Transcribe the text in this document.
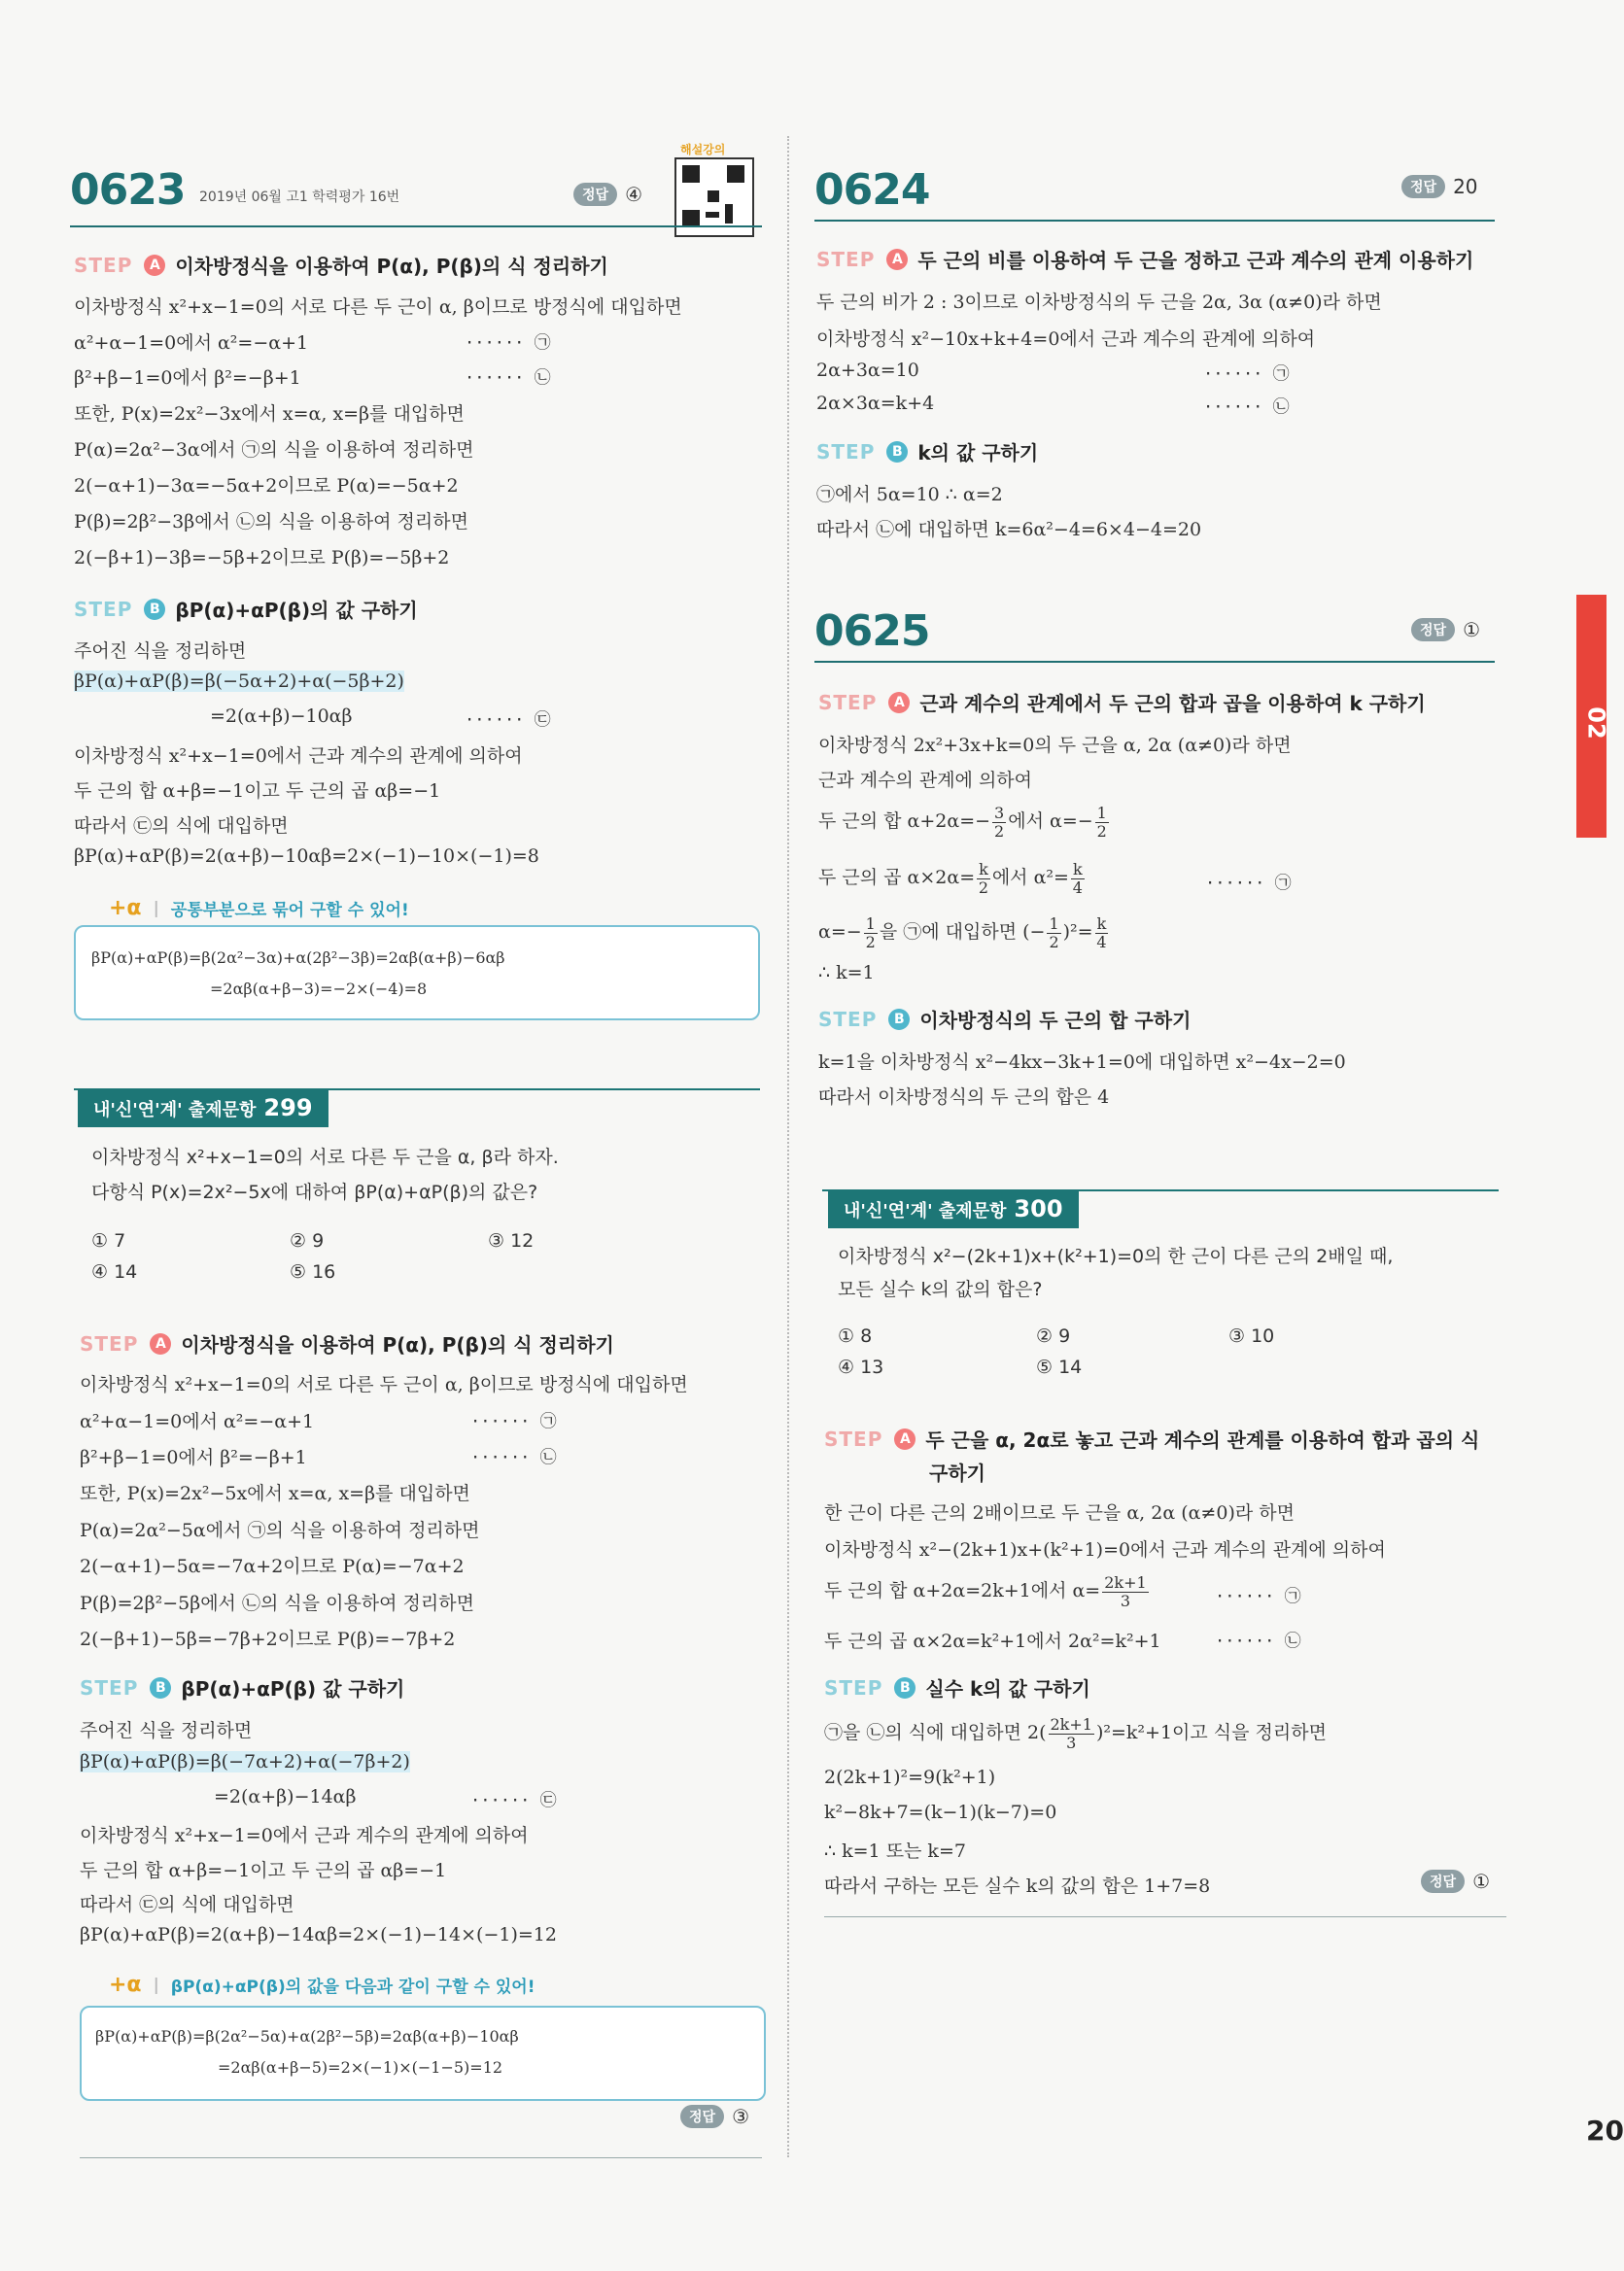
해설강의
0623 2019년 06월 고1 학력평가 16번	정답 ④
STEP	A 이차방정식을 이용하여 P(α), P(β)의 식 정리하기
이차방정식 x²+x−1=0의 서로 다른 두 근이 α, β이므로 방정식에 대입하면
α²+α−1=0에서 α²=−α+1	······ ㉠
β²+β−1=0에서 β²=−β+1	······ ㉡
또한, P(x)=2x²−3x에서 x=α, x=β를 대입하면
P(α)=2α²−3α에서 ㉠의 식을 이용하여 정리하면
2(−α+1)−3α=−5α+2이므로 P(α)=−5α+2
P(β)=2β²−3β에서 ㉡의 식을 이용하여 정리하면
2(−β+1)−3β=−5β+2이므로 P(β)=−5β+2
STEP	B βP(α)+αP(β)의 값 구하기
주어진 식을 정리하면
βP(α)+αP(β)=β(−5α+2)+α(−5β+2)
=2(α+β)−10αβ	······ ㉢
이차방정식 x²+x−1=0에서 근과 계수의 관계에 의하여
두 근의 합 α+β=−1이고 두 근의 곱 αβ=−1
따라서 ㉢의 식에 대입하면
βP(α)+αP(β)=2(α+β)−10αβ=2×(−1)−10×(−1)=8
+α | 공통부분으로 묶어 구할 수 있어!
βP(α)+αP(β)=β(2α²−3α)+α(2β²−3β)=2αβ(α+β)−6αβ
=2αβ(α+β−3)=−2×(−4)=8
내'신'연'계' 출제문항 299
이차방정식 x²+x−1=0의 서로 다른 두 근을 α, β라 하자.
다항식 P(x)=2x²−5x에 대하여 βP(α)+αP(β)의 값은?
① 7	② 9	③ 12
④ 14	⑤ 16
STEP	A 이차방정식을 이용하여 P(α), P(β)의 식 정리하기
이차방정식 x²+x−1=0의 서로 다른 두 근이 α, β이므로 방정식에 대입하면
α²+α−1=0에서 α²=−α+1	······ ㉠
β²+β−1=0에서 β²=−β+1	······ ㉡
또한, P(x)=2x²−5x에서 x=α, x=β를 대입하면
P(α)=2α²−5α에서 ㉠의 식을 이용하여 정리하면
2(−α+1)−5α=−7α+2이므로 P(α)=−7α+2
P(β)=2β²−5β에서 ㉡의 식을 이용하여 정리하면
2(−β+1)−5β=−7β+2이므로 P(β)=−7β+2
STEP	B βP(α)+αP(β) 값 구하기
주어진 식을 정리하면
βP(α)+αP(β)=β(−7α+2)+α(−7β+2)
=2(α+β)−14αβ	······ ㉢
이차방정식 x²+x−1=0에서 근과 계수의 관계에 의하여
두 근의 합 α+β=−1이고 두 근의 곱 αβ=−1
따라서 ㉢의 식에 대입하면
βP(α)+αP(β)=2(α+β)−14αβ=2×(−1)−14×(−1)=12
+α | βP(α)+αP(β)의 값을 다음과 같이 구할 수 있어!
βP(α)+αP(β)=β(2α²−5α)+α(2β²−5β)=2αβ(α+β)−10αβ
=2αβ(α+β−5)=2×(−1)×(−1−5)=12
정답 ③
0624	정답 20
STEP	A 두 근의 비를 이용하여 두 근을 정하고 근과 계수의 관계 이용하기
두 근의 비가 2 : 3이므로 이차방정식의 두 근을 2α, 3α (α≠0)라 하면
이차방정식 x²−10x+k+4=0에서 근과 계수의 관계에 의하여
2α+3α=10	······ ㉠
2α×3α=k+4	······ ㉡
STEP	B k의 값 구하기
㉠에서 5α=10 ∴ α=2
따라서 ㉡에 대입하면 k=6α²−4=6×4−4=20
0625	정답 ①
STEP	A 근과 계수의 관계에서 두 근의 합과 곱을 이용하여 k 구하기
이차방정식 2x²+3x+k=0의 두 근을 α, 2α (α≠0)라 하면
근과 계수의 관계에 의하여
두 근의 합 $\alpha+2\alpha=- \frac{3}{2}$ 에서 $\alpha=- \frac{1}{2}$
두 근의 곱 $\alpha\times 2\alpha= \frac{k}{2}$ 에서 $\alpha^2= \frac{k}{4}$	······ ㉠
$\alpha=- \frac{1}{2}$ 을 ㉠에 대입하면 (− $\frac{1}{2} )^2= \frac{k}{4}$
∴ k=1
STEP	B 이차방정식의 두 근의 합 구하기
k=1을 이차방정식 x²−4kx−3k+1=0에 대입하면 x²−4x−2=0
따라서 이차방정식의 두 근의 합은 4
내'신'연'계' 출제문항 300
이차방정식 x²−(2k+1)x+(k²+1)=0의 한 근이 다른 근의 2배일 때,
모든 실수 k의 값의 합은?
① 8	② 9	③ 10
④ 13	⑤ 14
STEP	A 두 근을 α, 2α로 놓고 근과 계수의 관계를 이용하여 합과 곱의 식
구하기
한 근이 다른 근의 2배이므로 두 근을 α, 2α (α≠0)라 하면
이차방정식 x²−(2k+1)x+(k²+1)=0에서 근과 계수의 관계에 의하여
두 근의 합 α+2α=2k+1에서 $\alpha= \frac{2k+1}{3}$	······ ㉠
두 근의 곱 α×2α=k²+1에서 2α²=k²+1	······ ㉡
STEP	B 실수 k의 값 구하기
㉠을 ㉡의 식에 대입하면 $2( \frac{2k+1}{3} )^2=k^2+1$이고 식을 정리하면
2(2k+1)²=9(k²+1)
k²−8k+7=(k−1)(k−7)=0
∴ k=1 또는 k=7
따라서 구하는 모든 실수 k의 값의 합은 1+7=8	정답 ①
02
20
